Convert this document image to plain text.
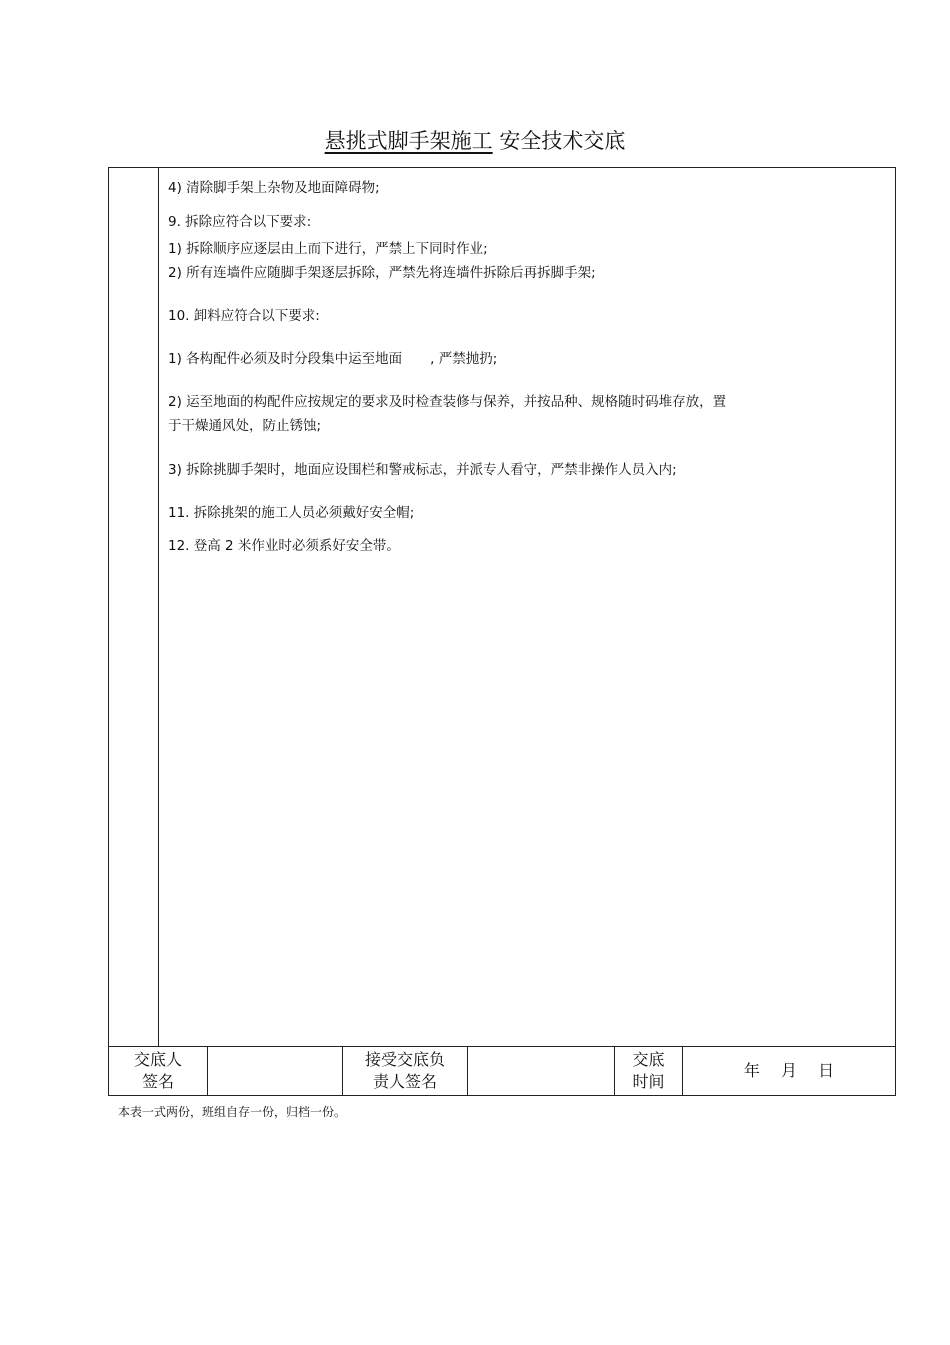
悬挑式脚手架施工 安全技术交底
4) 清除脚手架上杂物及地面障碍物;
9. 拆除应符合以下要求:
1) 拆除顺序应逐层由上而下进行，严禁上下同时作业;
2) 所有连墙件应随脚手架逐层拆除，严禁先将连墙件拆除后再拆脚手架;
10. 卸料应符合以下要求:
1) 各构配件必须及时分段集中运至地面 , 严禁抛扔;
2) 运至地面的构配件应按规定的要求及时检查装修与保养，并按品种、规格随时码堆存放，置
于干燥通风处，防止锈蚀;
3) 拆除挑脚手架时，地面应设围栏和警戒标志，并派专人看守，严禁非操作人员入内;
11. 拆除挑架的施工人员必须戴好安全帽;
12. 登高 2 米作业时必须系好安全带。
交底人
签名
接受交底负
责人签名
交底
时间
年　 月　 日
本表一式两份，班组自存一份，归档一份。
